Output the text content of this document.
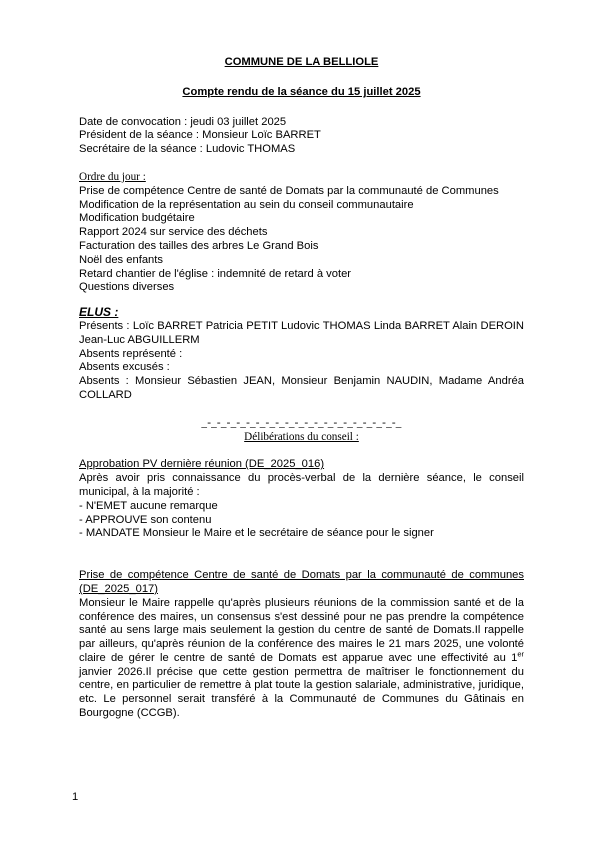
COMMUNE DE LA BELLIOLE

Compte rendu de la séance du 15 juillet 2025

Date de convocation : jeudi 03 juillet 2025

Président de la séance : Monsieur Loïc BARRET

Secrétaire de la séance : Ludovic THOMAS

Ordre du jour :

Prise de compétence Centre de santé de Domats par la communauté de Communes

Modification de la représentation au sein du conseil communautaire

Modification budgétaire

Rapport 2024 sur service des déchets

Facturation des tailles des arbres Le Grand Bois

Noël des enfants

Retard chantier de l'église : indemnité de retard à voter

Questions diverses

ELUS :

Présents : Loïc BARRET Patricia PETIT Ludovic THOMAS Linda BARRET Alain DEROIN Jean-Luc ABGUILLERM

Absents représenté :

Absents excusés :

Absents : Monsieur Sébastien JEAN, Monsieur Benjamin NAUDIN, Madame Andréa COLLARD

_-_-_-_-_-_-_-_-_-_-_-_-_-_-_-_-_-_-_-_-_

Délibérations du conseil :

Approbation PV dernière réunion (DE_2025_016)

Après avoir pris connaissance du procès-verbal de la dernière séance, le conseil municipal, à la majorité :

- N'EMET aucune remarque

- APPROUVE son contenu

- MANDATE Monsieur le Maire et le secrétaire de séance pour le signer

Prise de compétence Centre de santé de Domats par la communauté de communes (DE_2025_017)

Monsieur le Maire rappelle qu'après plusieurs réunions de la commission santé et de la conférence des maires, un consensus s'est dessiné pour ne pas prendre la compétence santé au sens large mais seulement la gestion du centre de santé de Domats.Il rappelle par ailleurs, qu'après réunion de la conférence des maires le 21 mars 2025, une volonté claire de gérer le centre de santé de Domats est apparue avec une effectivité au 1er janvier 2026.Il précise que cette gestion permettra de maîtriser le fonctionnement du centre, en particulier de remettre à plat toute la gestion salariale, administrative, juridique, etc. Le personnel serait transféré à la Communauté de Communes du Gâtinais en Bourgogne (CCGB).

1
